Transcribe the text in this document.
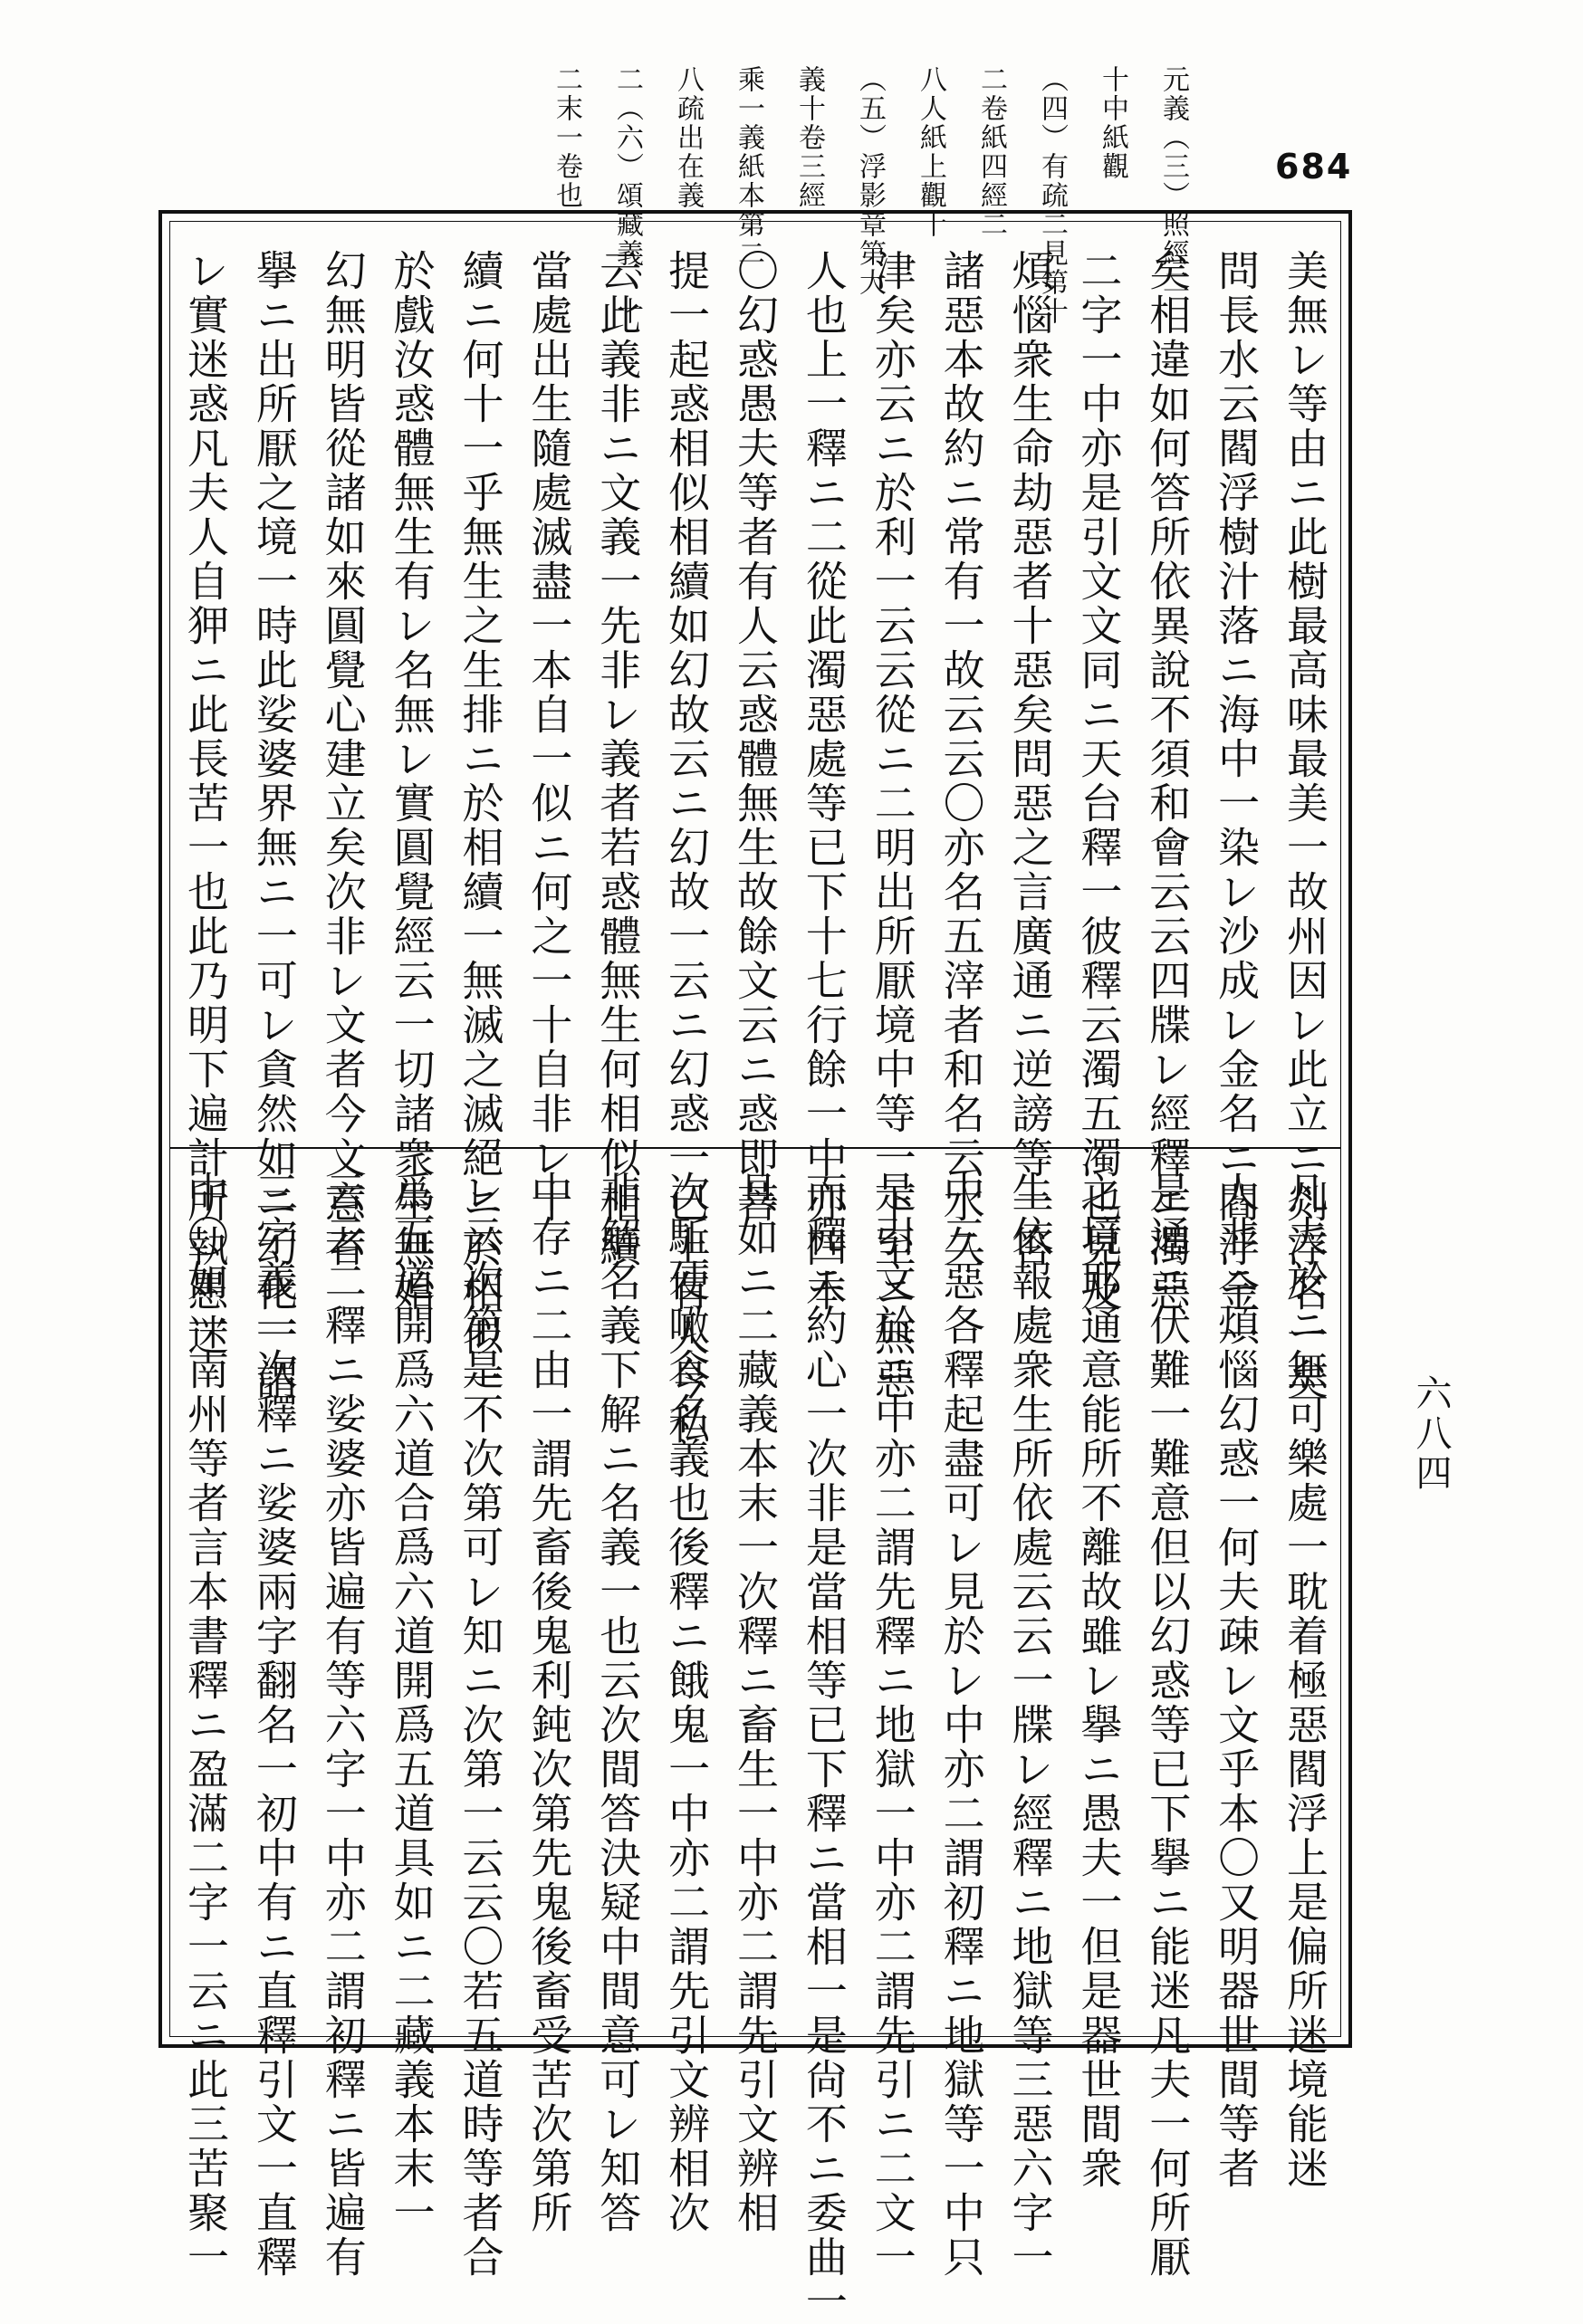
元義（三）照經二
十中紙觀
（四）有疏二見第十
二卷紙四經二
八人紙上觀十
（五）浮影章第大
義十卷三經
乘一義紙本第二
八疏出在義
二（六）頌藏義、十
二末一卷也	684
六八四
美無レ等由ニ此樹最高味最美一故州因レ此立ニ剡浮名一矣
問長水云閻浮樹汁落ニ海中一染レ沙成レ金名ニ閻浮金一
矣相違如何答所依異說不須和會云云四牒レ經釋ニ濁惡
二字一中亦是引文文同ニ天台釋一彼釋云濁五濁也見及
煩惱衆生命劫惡者十惡矣問惡之言廣通ニ逆謗等一答
諸惡本故約ニ常有一故云云〇亦名五滓者和名云水久
津矣亦云ニ於利一云云從ニ二明出所厭境中等一下至ニ無惡
人也上一釋ニ二從此濁惡處等已下十七行餘一中亦四本
〇幻惑愚夫等者有人云惑體無生故餘文云ニ惑即菩
提一起惑相似相續如幻故云ニ幻故一云ニ幻惑一已上有人今私
云此義非ニ文義一先非レ義者若惑體無生何相似相續
當處出生隨處滅盡一本自一似ニ何之一十自非レ十
續ニ何十一乎無生之生排ニ於相續一無滅之滅絕ニ於相似一
於戲汝惑體無生有レ名無レ實圓覺經云一切諸衆生無始
幻無明皆從諸如來圓覺心建立矣次非レ文者今文意者
擧ニ出所厭之境一時此娑婆界無ニ一可レ貪然如ニ幻化一謂
レ實迷惑凡夫人自狎ニ此長苦一也此乃明下遍計所執愚迷
凡夫於ニ無可樂處一耽着極惡閻浮上是偏所迷境能迷
人非ニ煩惱幻惑一何夫疎レ文乎本〇又明器世間等者
是通ニ伏難一難意但以幻惑等已下擧ニ能迷凡夫一何所厭
之境耶通意能所不離故雖レ擧ニ愚夫一但是器世間衆
生依報處衆生所依處云云一牒レ經釋ニ地獄等三惡六字一
中三惡各釋起盡可レ見於レ中亦二謂初釋ニ地獄等一中只
是引文於ニ中亦二謂先釋ニ地獄一中亦二謂先引ニ二文一
而釋ニ約心一次非是當相等已下釋ニ當相一是尙不ニ委曲一
具如ニ二藏義本末一次釋ニ畜生一中亦二謂先引文辨相
次駈使噉食名義也後釋ニ餓鬼一中亦二謂先引文辨相次
非解名義下解ニ名義一也云次間答決疑中間意可レ知答
中存ニ二由一謂先畜後鬼利鈍次第先鬼後畜受苦次第所
レ云次第是不次第可レ知ニ次第一云云〇若五道時等者合
爲五道開爲六道合爲六道開爲五道具如ニ二藏義本末一
云云二釋ニ娑婆亦皆遍有等六字一中亦二謂初釋ニ皆遍有
三字義一次釋ニ娑婆兩字翻名一初中有ニ直釋引文一直釋
中〇如一南州等者言本書釋ニ盈滿二字一云ニ此三苦聚一
